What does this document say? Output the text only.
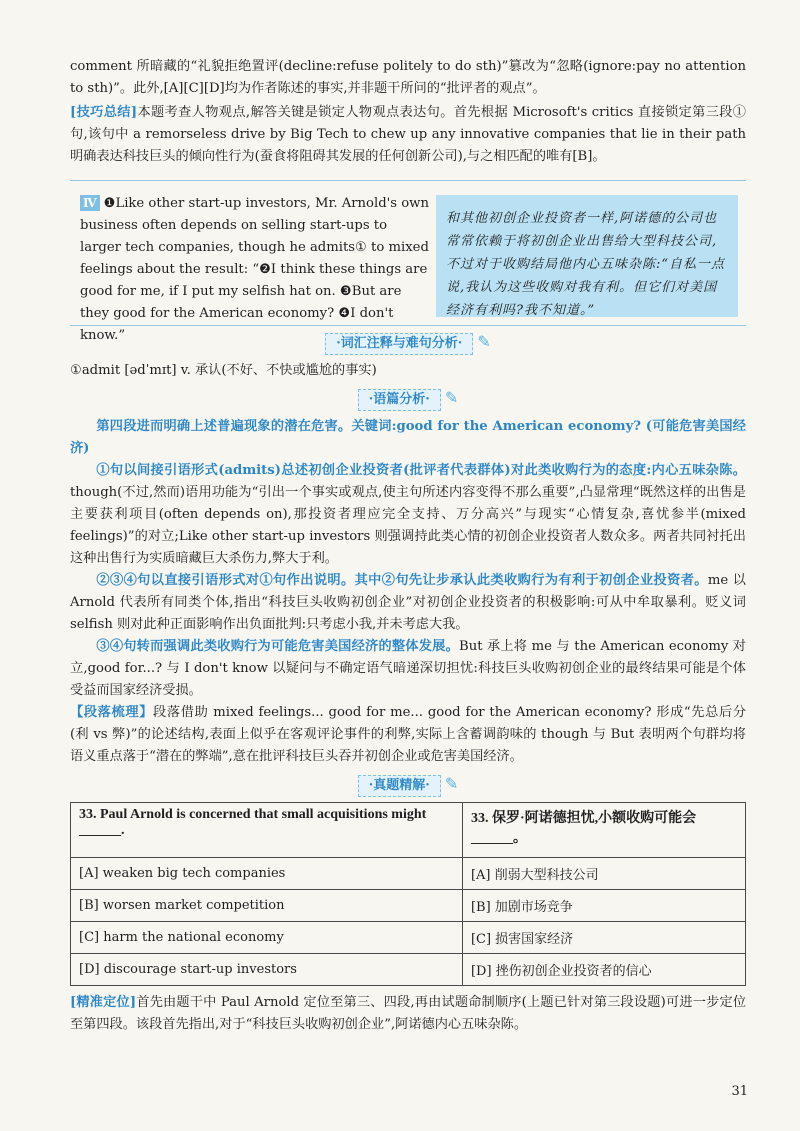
comment 所暗藏的“礼貌拒绝置评(decline:refuse politely to do sth)”篡改为“忽略(ignore:pay no attention to sth)”。此外,[A][C][D]均为作者陈述的事实,并非题干所问的“批评者的观点”。

[技巧总结]本题考查人物观点,解答关键是锁定人物观点表达句。首先根据 Microsoft's critics 直接锁定第三段①句,该句中 a remorseless drive by Big Tech to chew up any innovative companies that lie in their path 明确表达科技巨头的倾向性行为(蚕食将阻碍其发展的任何创新公司),与之相匹配的唯有[B]。

Ⅳ ❶Like other start-up investors, Mr. Arnold's own business often depends on selling start-ups to larger tech companies, though he admits① to mixed feelings about the result: “❷I think these things are good for me, if I put my selfish hat on. ❸But are they good for the American economy? ❹I don't know.”
和其他初创企业投资者一样,阿诺德的公司也常常依赖于将初创企业出售给大型科技公司,不过对于收购结局他内心五味杂陈:“自私一点说,我认为这些收购对我有利。但它们对美国经济有利吗?我不知道。”
·词汇注释与难句分析· ✎

①admit [ədˈmɪt] v. 承认(不好、不快或尴尬的事实)

·语篇分析· ✎

第四段进而明确上述普遍现象的潜在危害。关键词:good for the American economy? (可能危害美国经济)

①句以间接引语形式(admits)总述初创企业投资者(批评者代表群体)对此类收购行为的态度:内心五味杂陈。though(不过,然而)语用功能为“引出一个事实或观点,使主句所述内容变得不那么重要”,凸显常理“既然这样的出售是主要获利项目(often depends on),那投资者理应完全支持、万分高兴”与现实“心情复杂,喜忧参半(mixed feelings)”的对立;Like other start-up investors 则强调持此类心情的初创企业投资者人数众多。两者共同衬托出这种出售行为实质暗藏巨大杀伤力,弊大于利。

②③④句以直接引语形式对①句作出说明。其中②句先让步承认此类收购行为有利于初创企业投资者。me 以 Arnold 代表所有同类个体,指出“科技巨头收购初创企业”对初创企业投资者的积极影响:可从中牟取暴利。贬义词 selfish 则对此种正面影响作出负面批判:只考虑小我,并未考虑大我。

③④句转而强调此类收购行为可能危害美国经济的整体发展。But 承上将 me 与 the American economy 对立,good for...? 与 I don't know 以疑问与不确定语气暗递深切担忧:科技巨头收购初创企业的最终结果可能是个体受益而国家经济受损。

【段落梳理】段落借助 mixed feelings... good for me... good for the American economy? 形成“先总后分(利 vs 弊)”的论述结构,表面上似乎在客观评论事件的利弊,实际上含蓄调韵味的 though 与 But 表明两个句群均将语义重点落于“潜在的弊端”,意在批评科技巨头吞并初创企业或危害美国经济。

·真题精解· ✎
33. Paul Arnold is concerned that small acquisitions might ______.	33. 保罗·阿诺德担忧,小额收购可能会______。
[A] weaken big tech companies	[A] 削弱大型科技公司
[B] worsen market competition	[B] 加剧市场竞争
[C] harm the national economy	[C] 损害国家经济
[D] discourage start-up investors	[D] 挫伤初创企业投资者的信心

[精准定位]首先由题干中 Paul Arnold 定位至第三、四段,再由试题命制顺序(上题已针对第三段设题)可进一步定位至第四段。该段首先指出,对于“科技巨头收购初创企业”,阿诺德内心五味杂陈。

31
